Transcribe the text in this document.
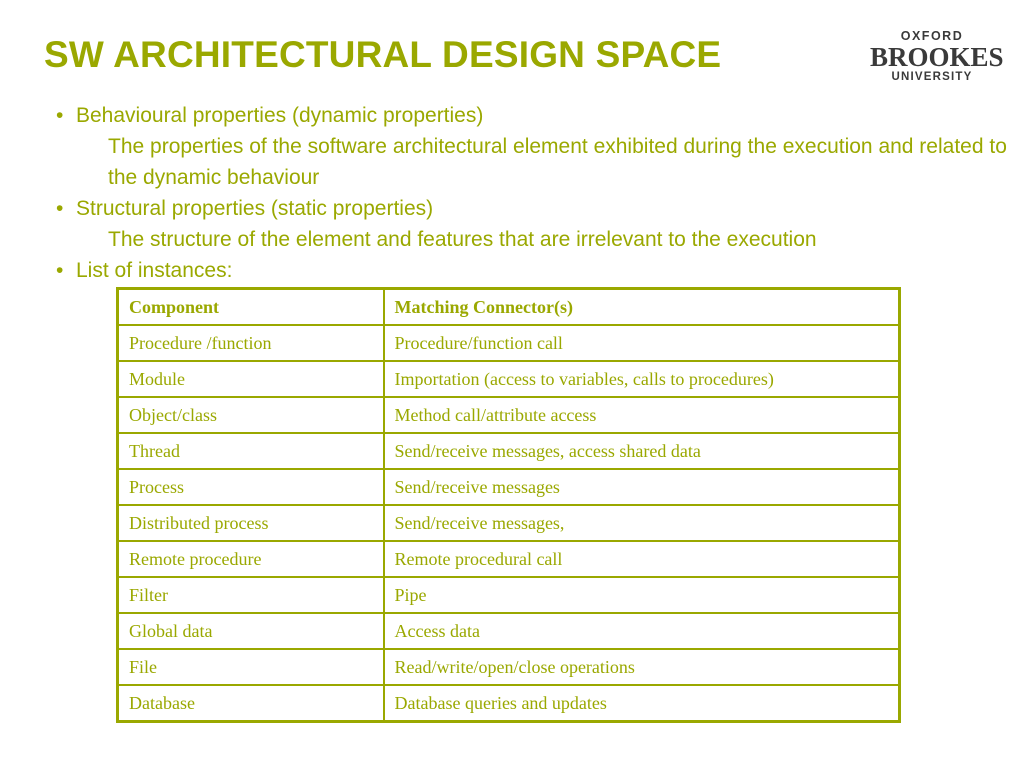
SW ARCHITECTURAL DESIGN SPACE	OXFORD
BROOKES
UNIVERSITY
• Behavioural properties (dynamic properties)
The properties of the software architectural element exhibited during the execution and related to the dynamic behaviour
• Structural properties (static properties)
The structure of the element and features that are irrelevant to the execution
• List of instances:
Component	Matching Connector(s)
Procedure /function	Procedure/function call
Module	Importation (access to variables, calls to procedures)
Object/class	Method call/attribute access
Thread	Send/receive messages, access shared data
Process	Send/receive messages
Distributed process	Send/receive messages,
Remote procedure	Remote procedural call
Filter	Pipe
Global data	Access data
File	Read/write/open/close operations
Database	Database queries and updates
